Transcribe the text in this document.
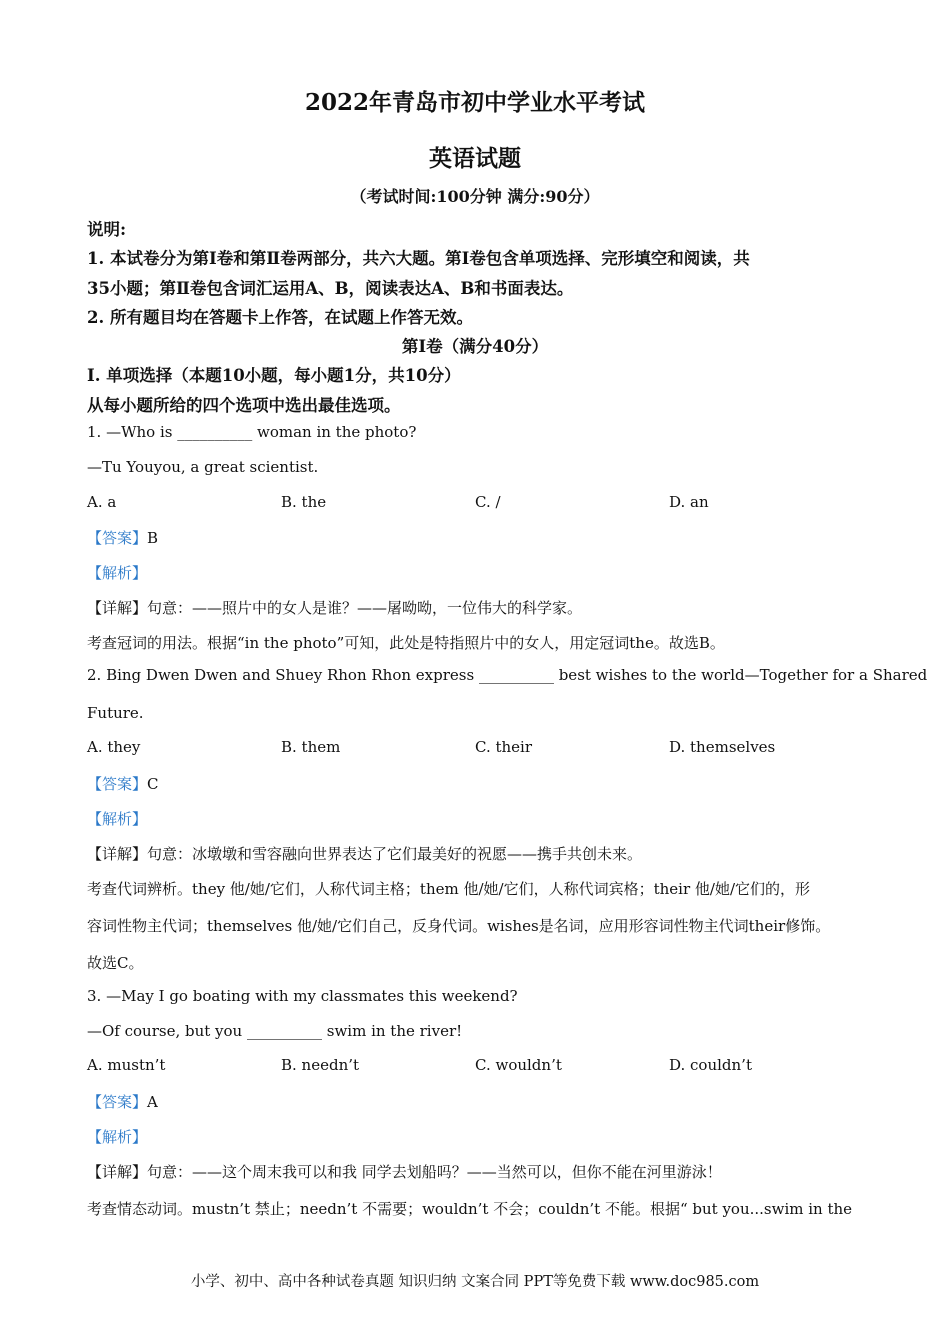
2022年青岛市初中学业水平考试
英语试题
（考试时间:100分钟 满分:90分）
说明:
1. 本试卷分为第Ⅰ卷和第Ⅱ卷两部分，共六大题。第Ⅰ卷包含单项选择、完形填空和阅读，共
35小题；第Ⅱ卷包含词汇运用A、B，阅读表达A、B和书面表达。
2. 所有题目均在答题卡上作答，在试题上作答无效。
第Ⅰ卷（满分40分）
I. 单项选择（本题10小题，每小题1分，共10分）
从每小题所给的四个选项中选出最佳选项。
1. —Who is __________ woman in the photo?
—Tu Youyou, a great scientist.
A. a	B. the	C. /	D. an
【答案】B
【解析】
【详解】句意：——照片中的女人是谁？——屠呦呦，一位伟大的科学家。
考查冠词的用法。根据“in the photo”可知，此处是特指照片中的女人，用定冠词the。故选B。
2. Bing Dwen Dwen and Shuey Rhon Rhon express __________ best wishes to the world—Together for a Shared
Future.
A. they	B. them	C. their	D. themselves
【答案】C
【解析】
【详解】句意：冰墩墩和雪容融向世界表达了它们最美好的祝愿——携手共创未来。
考查代词辨析。they 他/她/它们，人称代词主格；them 他/她/它们，人称代词宾格；their 他/她/它们的，形
容词性物主代词；themselves 他/她/它们自己，反身代词。wishes是名词，应用形容词性物主代词their修饰。
故选C。
3. —May I go boating with my classmates this weekend?
—Of course, but you __________ swim in the river!
A. mustn’t	B. needn’t	C. wouldn’t	D. couldn’t
【答案】A
【解析】
【详解】句意：——这个周末我可以和我 同学去划船吗？——当然可以，但你不能在河里游泳！
考查情态动词。mustn’t 禁止；needn’t 不需要；wouldn’t 不会；couldn’t 不能。根据“ but you...swim in the
小学、初中、高中各种试卷真题 知识归纳 文案合同 PPT等免费下载 www.doc985.com
